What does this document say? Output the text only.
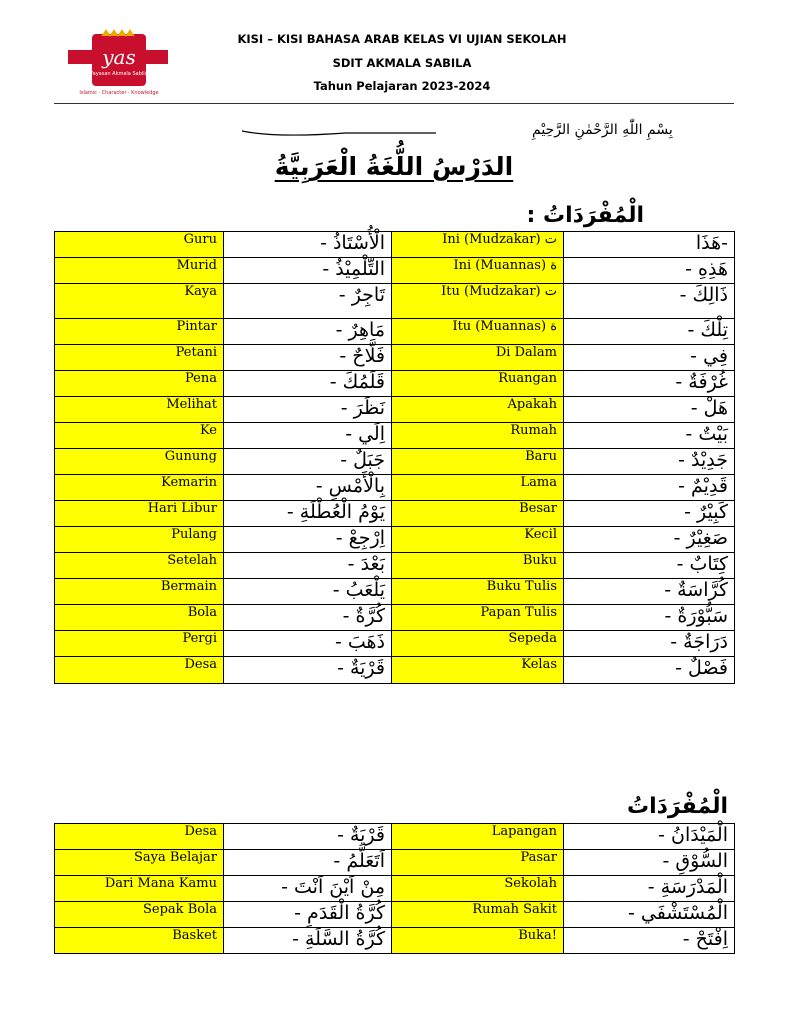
yas
Yayasan Akmala Sabila
Islamic · Character · Knowledge
KISI – KISI BAHASA ARAB KELAS VI UJIAN SEKOLAH
SDIT AKMALA SABILA
Tahun Pelajaran 2023-2024
بِسْمِ اللّٰهِ الرَّحْمٰنِ الرَّحِيْمِ
الدَرْسُ اللُّغَةُ الْعَرَبِيَّةُ
الْمُفْرَدَاتُ :
Guru	الْأُسْتَاذُ -	Ini (Mudzakar) ت	-هَذَا
Murid	التِّلْمِيْذُ -	Ini (Muannas) ة	هَذِهِ -
Kaya	تَاجِرٌ -	Itu (Mudzakar) ت	ذَالِكَ -
Pintar	مَاهِرٌ -	Itu (Muannas) ة	تِلْكَ -
Petani	فَلَّاحٌ -	Di Dalam	فِي -
Pena	قَلَمُكَ -	Ruangan	غُرْفَةٌ -
Melihat	نَظَرَ -	Apakah	هَلْ -
Ke	اِلَي -	Rumah	بَيْتٌ -
Gunung	جَبَلٌ -	Baru	جَدِيْدٌ -
Kemarin	بِالْأَمْسِ -	Lama	قَدِيْمٌ -
Hari Libur	يَوْمُ الْعُطْلَةِ -	Besar	كَبِيْرٌ -
Pulang	اِرْجِعْ -	Kecil	صَغِيْرٌ -
Setelah	بَعْدَ -	Buku	كِتَابٌ -
Bermain	يَلْعَبُ -	Buku Tulis	كُرَّاسَةٌ -
Bola	كُرَّةٌ -	Papan Tulis	سَبُّوْرَةٌ -
Pergi	ذَهَبَ -	Sepeda	دَرَاجَةٌ -
Desa	قَرْيَةٌ -	Kelas	فَصْلٌ -
الْمُفْرَدَاتُ
Desa	قَرْيَةٌ -	Lapangan	الْمَيْدَانُ -
Saya Belajar	اَتَعَلَّمُ -	Pasar	السُّوْقِ -
Dari Mana Kamu	مِنْ اَيْنَ اَنْتَ -	Sekolah	الْمَدْرَسَةِ -
Sepak Bola	كُرَّةُ الْقَدَمِ -	Rumah Sakit	الْمُسْتَشْفَي -
Basket	كُرَّةُ السَّلَةِ -	Buka!	اِفْتَحْ -
